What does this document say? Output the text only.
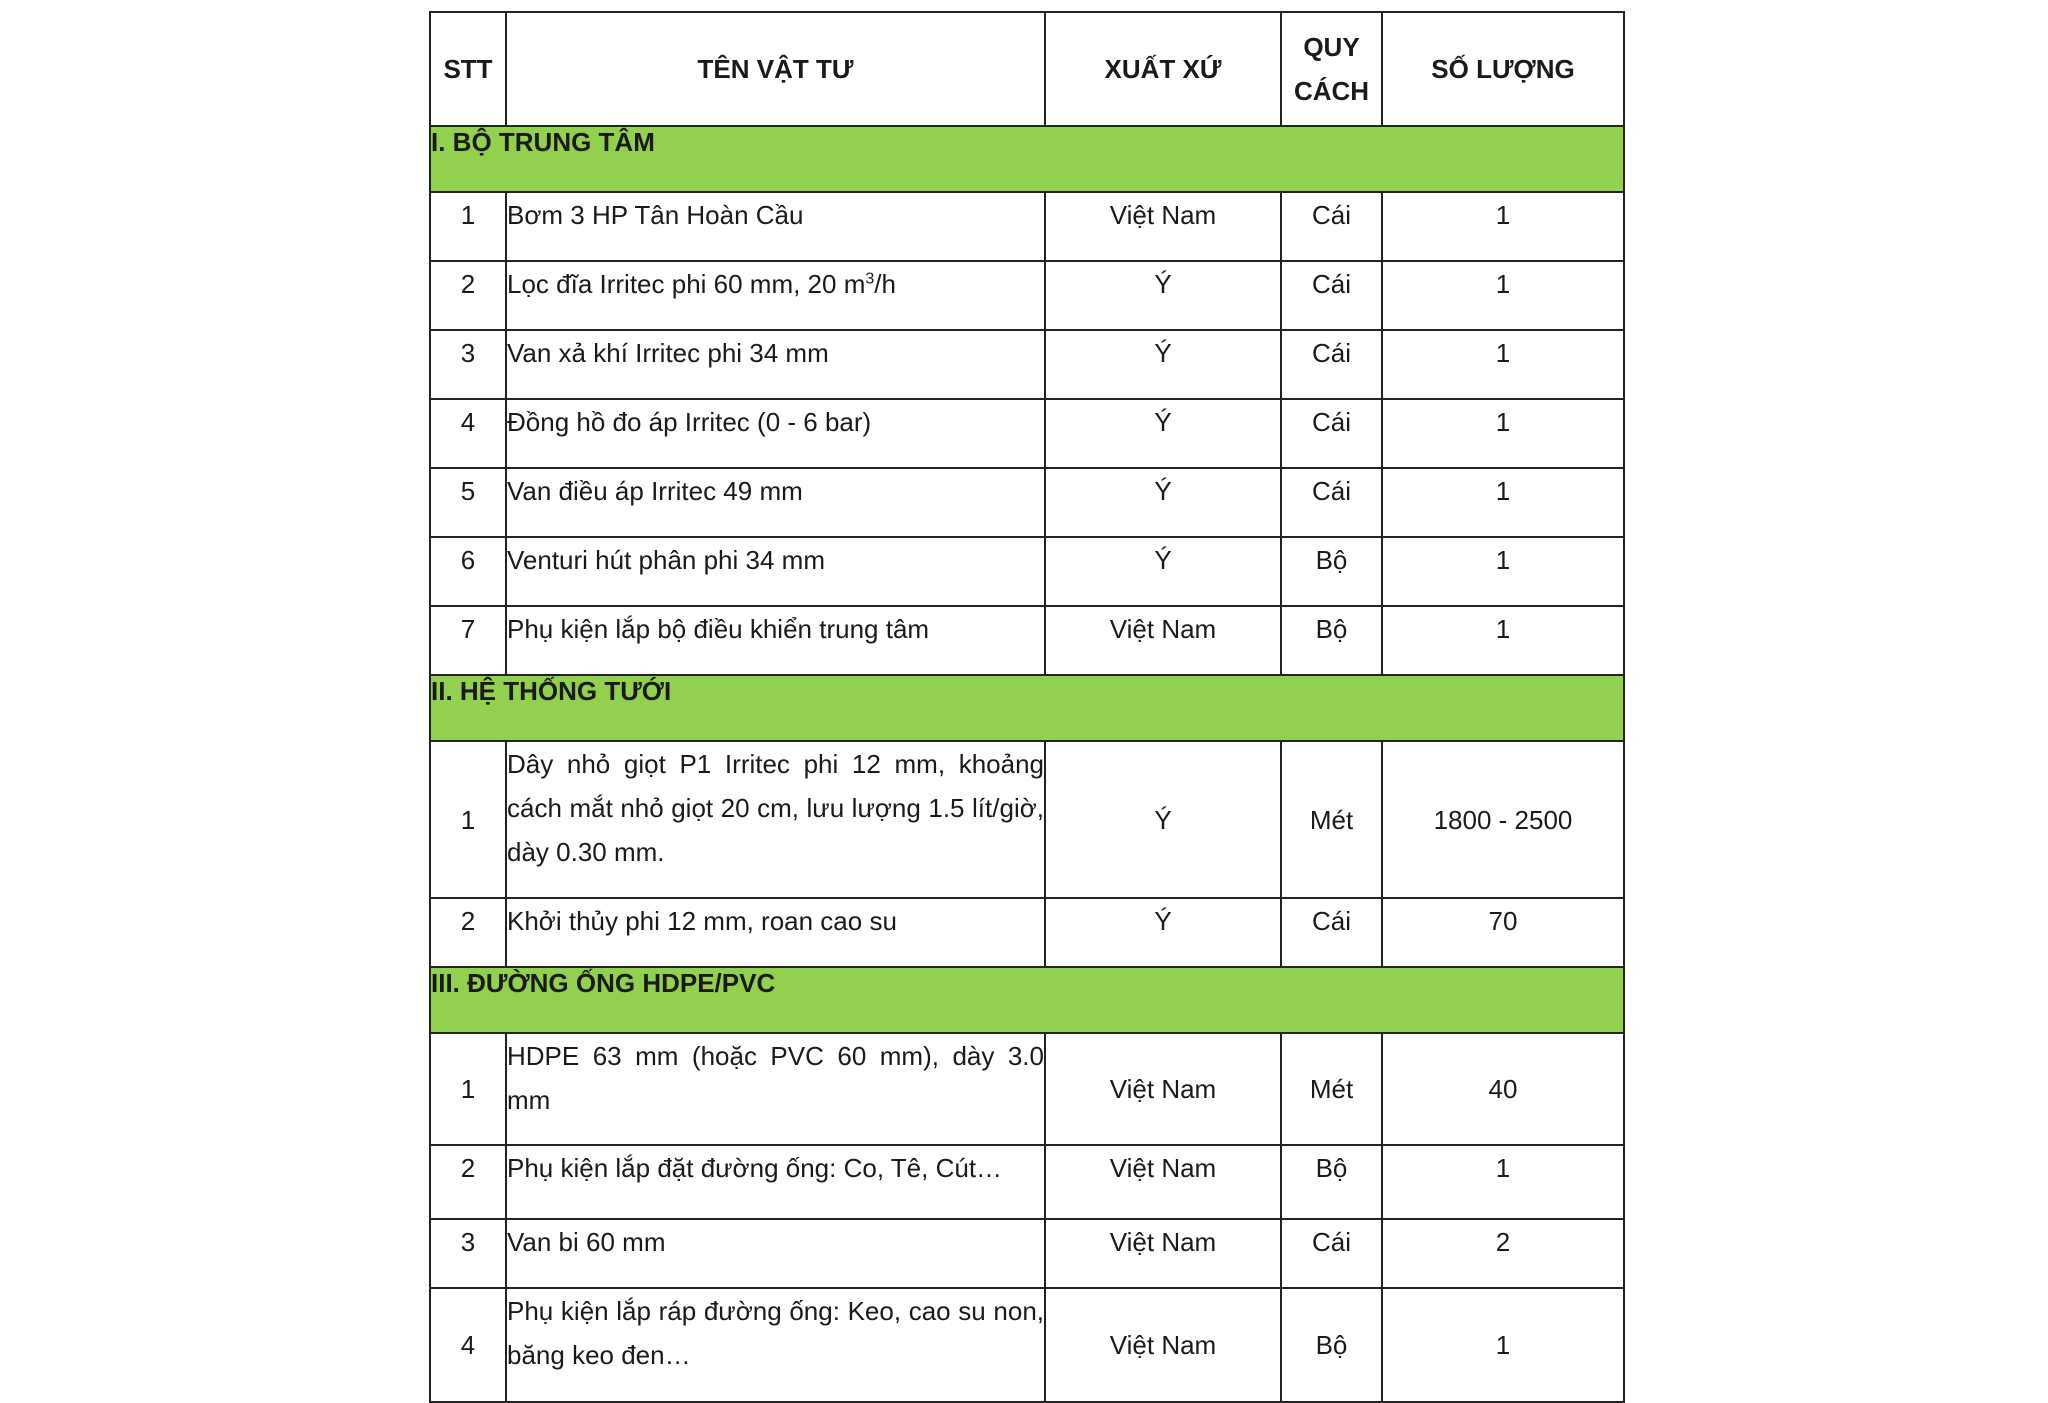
STT	TÊN VẬT TƯ	XUẤT XỨ	QUY CÁCH	SỐ LƯỢNG
I. BỘ TRUNG TÂM				
1	Bơm 3 HP Tân Hoàn Cầu	Việt Nam	Cái	1
2	Lọc đĩa Irritec phi 60 mm, 20 $m^3/h$	Ý	Cái	1
3	Van xả khí Irritec phi 34 mm	Ý	Cái	1
4	Đồng hồ đo áp Irritec (0 - 6 bar)	Ý	Cái	1
5	Van điều áp Irritec 49 mm	Ý	Cái	1
6	Venturi hút phân phi 34 mm	Ý	Bộ	1
7	Phụ kiện lắp bộ điều khiển trung tâm	Việt Nam	Bộ	1
II. HỆ THỐNG TƯỚI				
1	Dây nhỏ giọt P1 Irritec phi 12 mm, khoảng cách mắt nhỏ giọt 20 cm, lưu lượng 1.5 lít/giờ, dày 0.30 mm.	Ý	Mét	1800 - 2500
2	Khởi thủy phi 12 mm, roan cao su	Ý	Cái	70
III. ĐƯỜNG ỐNG HDPE/PVC				
1	HDPE 63 mm (hoặc PVC 60 mm), dày 3.0 mm	Việt Nam	Mét	40
2	Phụ kiện lắp đặt đường ống: Co, Tê, Cút…	Việt Nam	Bộ	1
3	Van bi 60 mm	Việt Nam	Cái	2
4	Phụ kiện lắp ráp đường ống: Keo, cao su non, băng keo đen…	Việt Nam	Bộ	1
